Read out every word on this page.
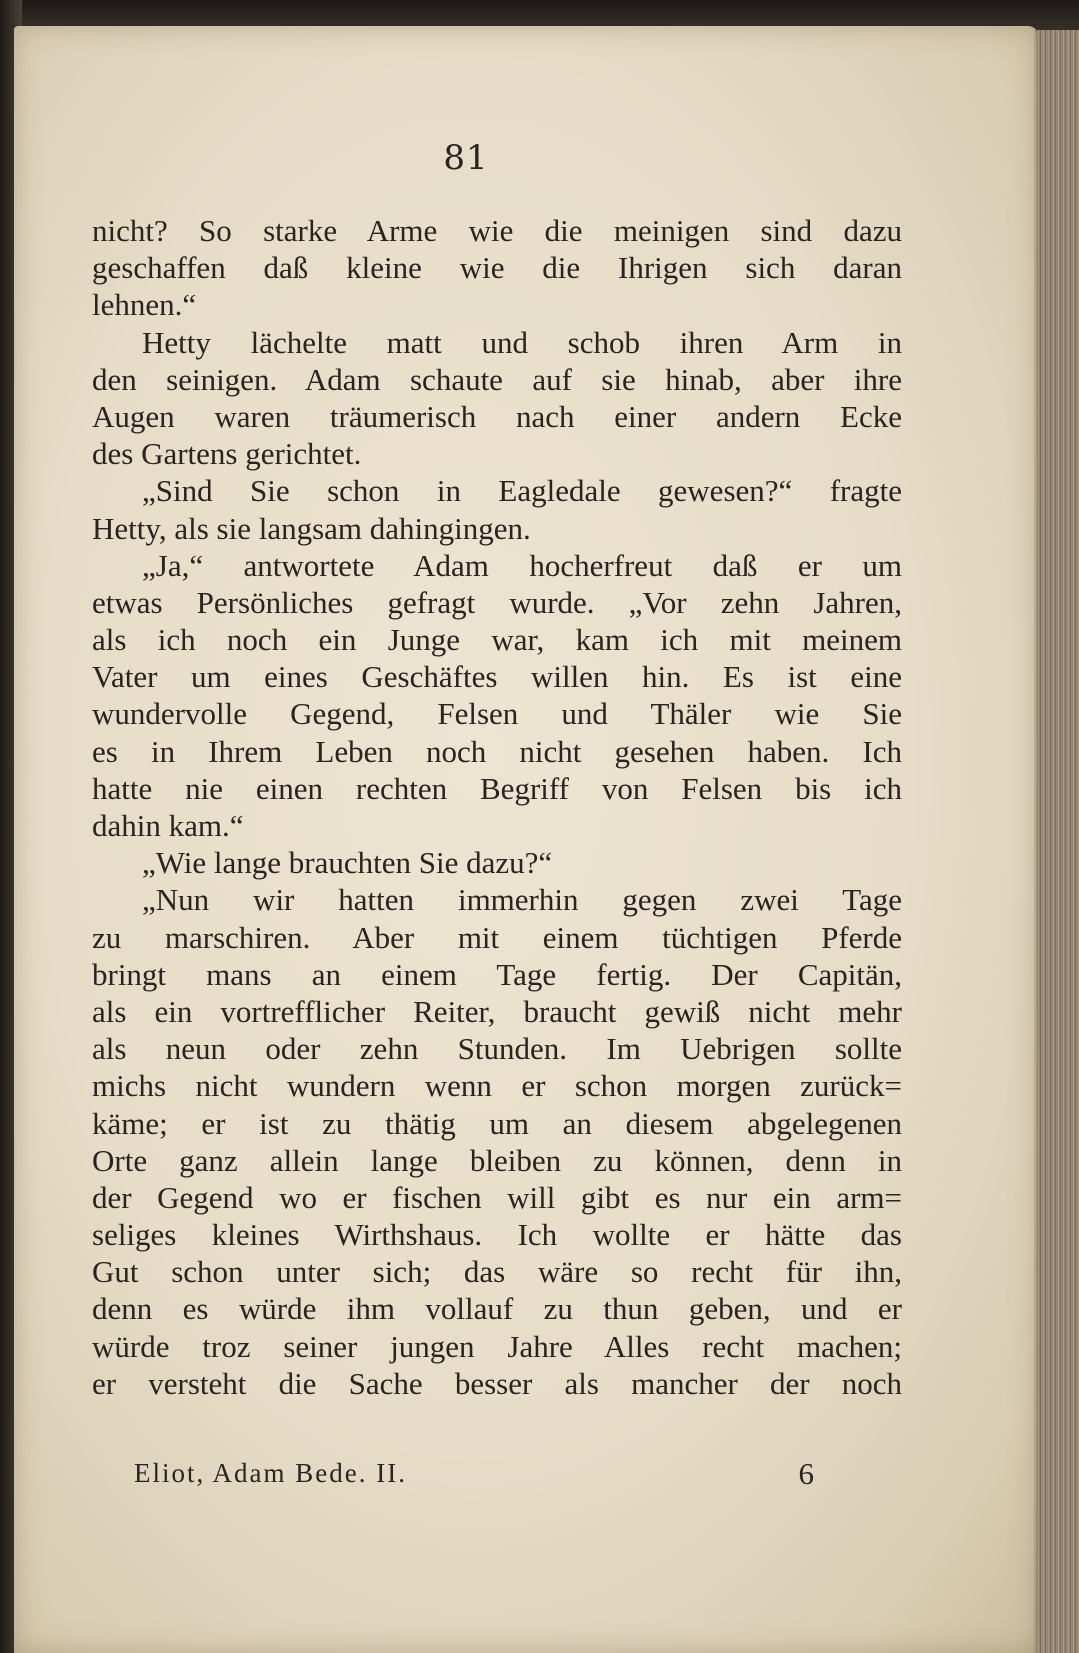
81
nicht? So starke Arme wie die meinigen sind dazu
geschaffen daß kleine wie die Ihrigen sich daran
lehnen.“
Hetty lächelte matt und schob ihren Arm in
den seinigen. Adam schaute auf sie hinab, aber ihre
Augen waren träumerisch nach einer andern Ecke
des Gartens gerichtet.
„Sind Sie schon in Eagledale gewesen?“ fragte
Hetty, als sie langsam dahingingen.
„Ja,“ antwortete Adam hocherfreut daß er um
etwas Persönliches gefragt wurde. „Vor zehn Jahren,
als ich noch ein Junge war, kam ich mit meinem
Vater um eines Geschäftes willen hin. Es ist eine
wundervolle Gegend, Felsen und Thäler wie Sie
es in Ihrem Leben noch nicht gesehen haben. Ich
hatte nie einen rechten Begriff von Felsen bis ich
dahin kam.“
„Wie lange brauchten Sie dazu?“
„Nun wir hatten immerhin gegen zwei Tage
zu marschiren. Aber mit einem tüchtigen Pferde
bringt mans an einem Tage fertig. Der Capitän,
als ein vortrefflicher Reiter, braucht gewiß nicht mehr
als neun oder zehn Stunden. Im Uebrigen sollte
michs nicht wundern wenn er schon morgen zurück=
käme; er ist zu thätig um an diesem abgelegenen
Orte ganz allein lange bleiben zu können, denn in
der Gegend wo er fischen will gibt es nur ein arm=
seliges kleines Wirthshaus. Ich wollte er hätte das
Gut schon unter sich; das wäre so recht für ihn,
denn es würde ihm vollauf zu thun geben, und er
würde troz seiner jungen Jahre Alles recht machen;
er versteht die Sache besser als mancher der noch
Eliot, Adam Bede. II.	6
